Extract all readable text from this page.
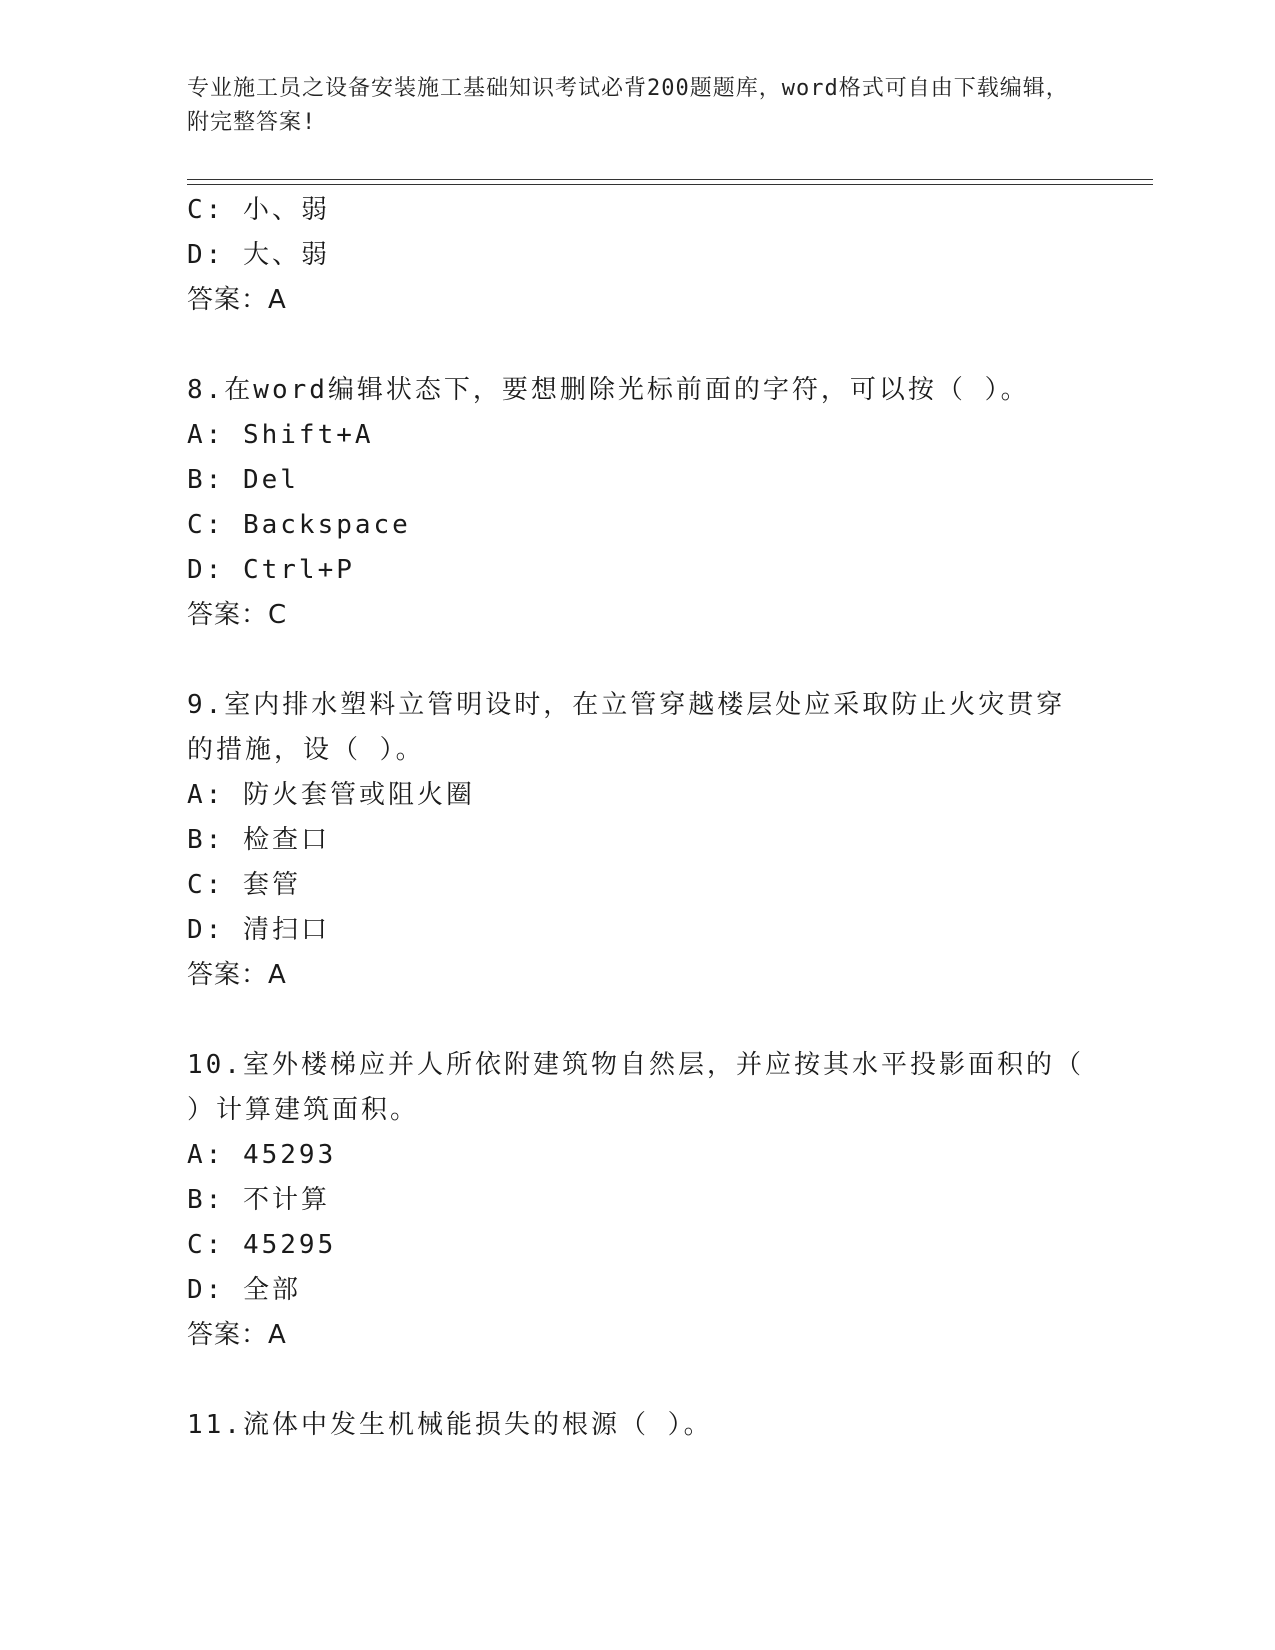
专业施工员之设备安装施工基础知识考试必背200题题库，word格式可自由下载编辑，附完整答案!
C: 小、弱
D: 大、弱
答案：A
8.在word编辑状态下，要想删除光标前面的字符，可以按（ ）。
A: Shift+A
B: Del
C: Backspace
D: Ctrl+P
答案：C
9.室内排水塑料立管明设时，在立管穿越楼层处应采取防止火灾贯穿
的措施，设（ ）。
A: 防火套管或阻火圈
B: 检查口
C: 套管
D: 清扫口
答案：A
10.室外楼梯应并人所依附建筑物自然层，并应按其水平投影面积的（
）计算建筑面积。
A: 45293
B: 不计算
C: 45295
D: 全部
答案：A
11.流体中发生机械能损失的根源（ ）。
